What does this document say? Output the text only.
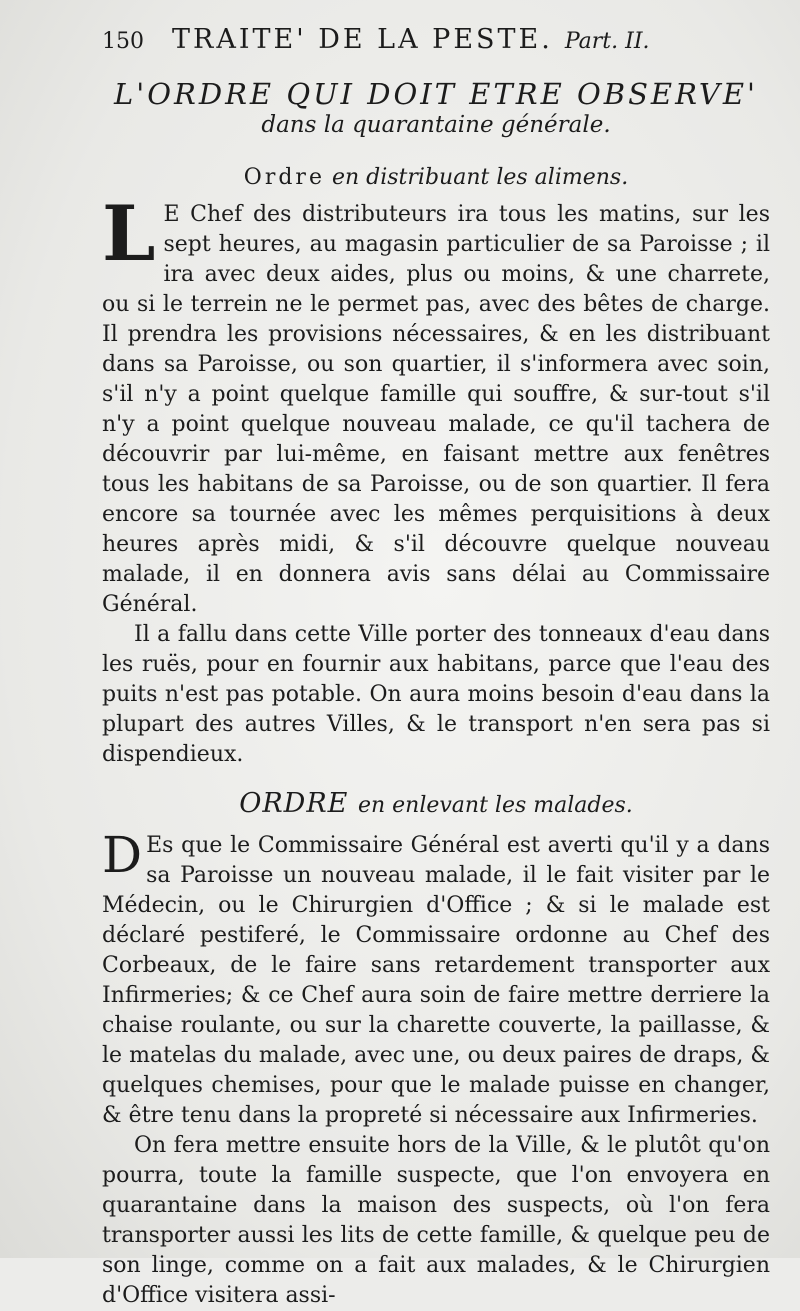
150 TRAITE' DE LA PESTE. Part. II.
L'ORDRE QUI DOIT ETRE OBSERVE'
dans la quarantaine générale.
Ordre en distribuant les alimens.

L E Chef des distributeurs ira tous les matins, sur les sept heures, au magasin particulier de sa Paroisse ; il ira avec deux aides, plus ou moins, & une charrete, ou si le terrein ne le permet pas, avec des bêtes de charge. Il prendra les provisions nécessaires, & en les distribuant dans sa Paroisse, ou son quartier, il s'informera avec soin, s'il n'y a point quelque famille qui souffre, & sur-tout s'il n'y a point quelque nouveau malade, ce qu'il tachera de découvrir par lui-même, en faisant mettre aux fenêtres tous les habitans de sa Paroisse, ou de son quartier. Il fera encore sa tournée avec les mêmes perquisitions à deux heures après midi, & s'il découvre quelque nouveau malade, il en donnera avis sans délai au Commissaire Général.

Il a fallu dans cette Ville porter des tonneaux d'eau dans les ruës, pour en fournir aux habitans, parce que l'eau des puits n'est pas potable. On aura moins besoin d'eau dans la plupart des autres Villes, & le transport n'en sera pas si dispendieux.

ORDRE en enlevant les malades.

D Es que le Commissaire Général est averti qu'il y a dans sa Paroisse un nouveau malade, il le fait visiter par le Médecin, ou le Chirurgien d'Office ; & si le malade est déclaré pestiferé, le Commissaire ordonne au Chef des Corbeaux, de le faire sans retardement transporter aux Infirmeries; & ce Chef aura soin de faire mettre derriere la chaise roulante, ou sur la charette couverte, la paillasse, & le matelas du malade, avec une, ou deux paires de draps, & quelques chemises, pour que le malade puisse en changer, & être tenu dans la propreté si nécessaire aux Infirmeries.

On fera mettre ensuite hors de la Ville, & le plutôt qu'on pourra, toute la famille suspecte, que l'on envoyera en quarantaine dans la maison des suspects, où l'on fera transporter aussi les lits de cette famille, & quelque peu de son linge, comme on a fait aux malades, & le Chirurgien d'Office visitera assi-
